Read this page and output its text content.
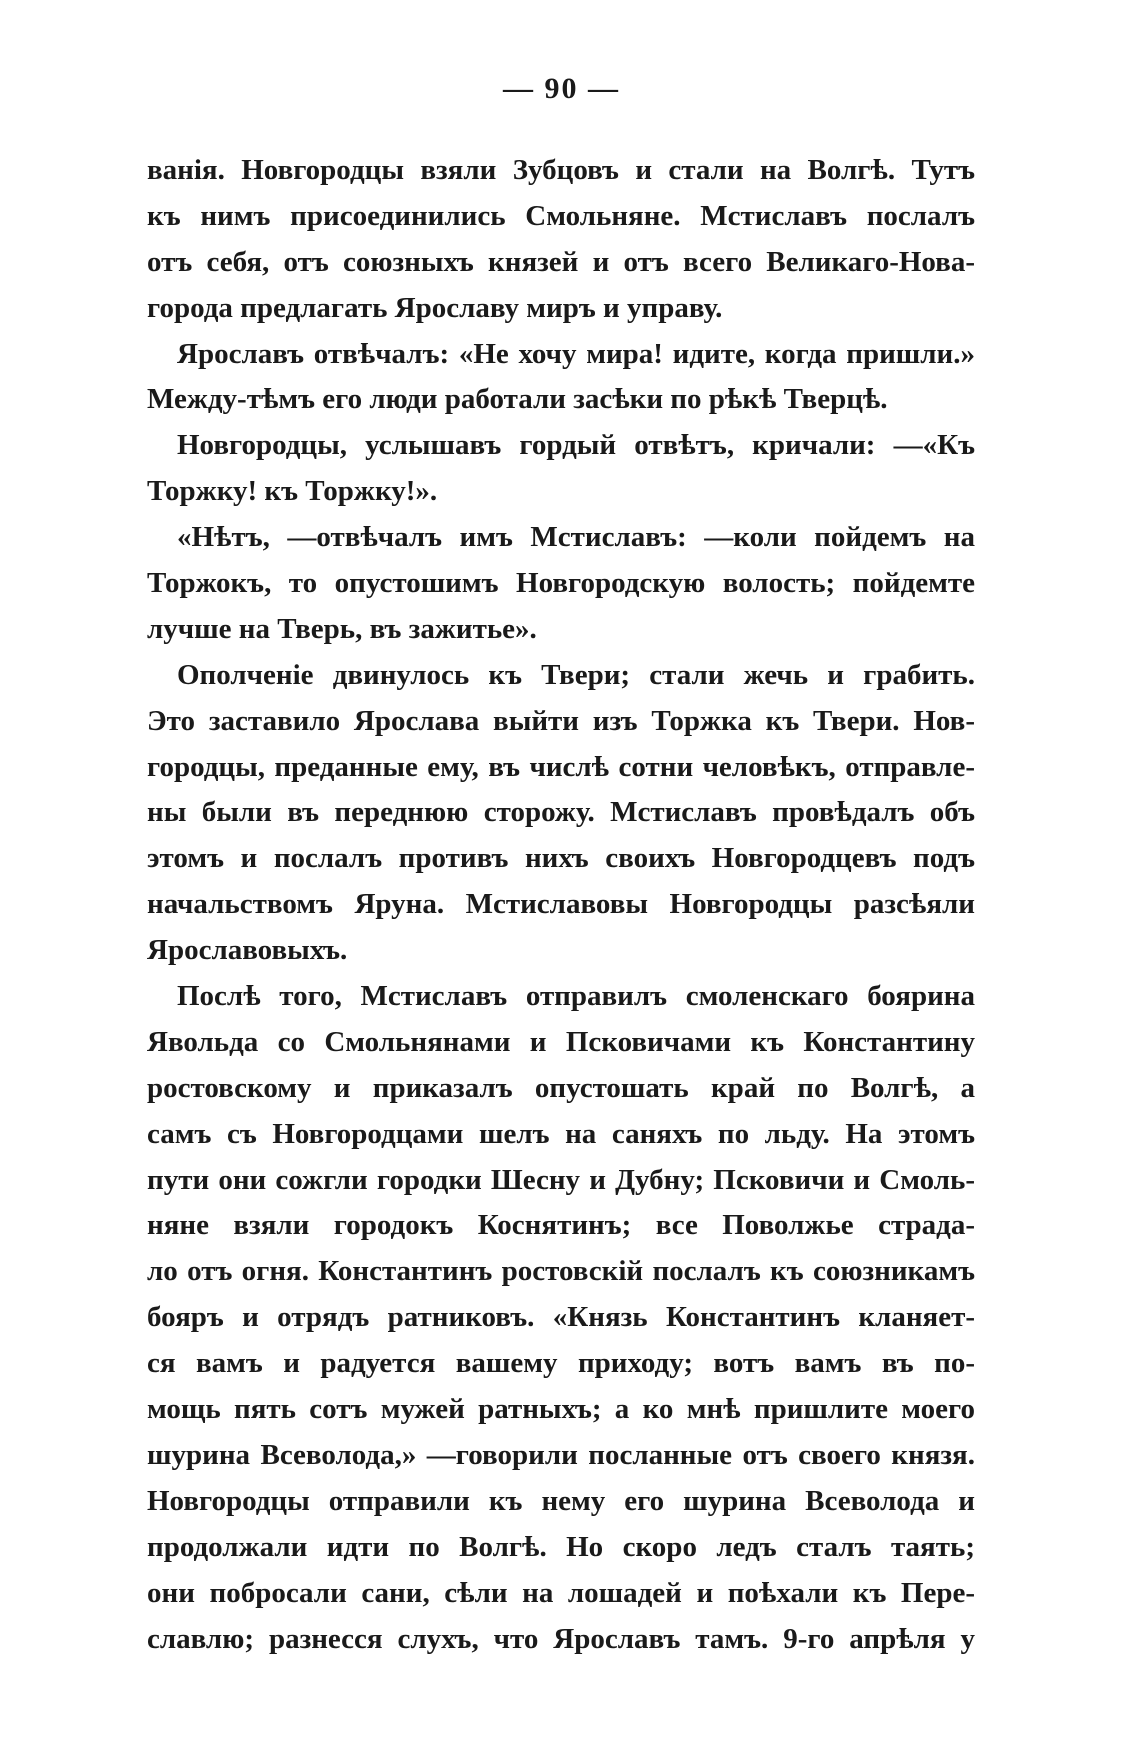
— 90 —
ванія. Новгородцы взяли Зубцовъ и стали на Волгѣ. Тутъ
къ нимъ присоединились Смольняне. Мстиславъ послалъ
отъ себя, отъ союзныхъ князей и отъ всего Великаго-Нова-
города предлагать Ярославу миръ и управу.
Ярославъ отвѣчалъ: «Не хочу мира! идите, когда пришли.»
Между-тѣмъ его люди работали засѣки по рѣкѣ Тверцѣ.
Новгородцы, услышавъ гордый отвѣтъ, кричали: —«Къ
Торжку! къ Торжку!».
«Нѣтъ, —отвѣчалъ имъ Мстиславъ: —коли пойдемъ на
Торжокъ, то опустошимъ Новгородскую волость; пойдемте
лучше на Тверь, въ зажитье».
Ополченіе двинулось къ Твери; стали жечь и грабить.
Это заставило Ярослава выйти изъ Торжка къ Твери. Нов-
городцы, преданные ему, въ числѣ сотни человѣкъ, отправле-
ны были въ переднюю сторожу. Мстиславъ провѣдалъ объ
этомъ и послалъ противъ нихъ своихъ Новгородцевъ подъ
начальствомъ Яруна. Мстиславовы Новгородцы разсѣяли
Ярославовыхъ.
Послѣ того, Мстиславъ отправилъ смоленскаго боярина
Явольда со Смольнянами и Псковичами къ Константину
ростовскому и приказалъ опустошать край по Волгѣ, а
самъ съ Новгородцами шелъ на саняхъ по льду. На этомъ
пути они сожгли городки Шесну и Дубну; Псковичи и Смоль-
няне взяли городокъ Коснятинъ; все Поволжье страда-
ло отъ огня. Константинъ ростовскій послалъ къ союзникамъ
бояръ и отрядъ ратниковъ. «Князь Константинъ кланяет-
ся вамъ и радуется вашему приходу; вотъ вамъ въ по-
мощь пять сотъ мужей ратныхъ; а ко мнѣ пришлите моего
шурина Всеволода,» —говорили посланные отъ своего князя.
Новгородцы отправили къ нему его шурина Всеволода и
продолжали идти по Волгѣ. Но скоро ледъ сталъ таять;
они побросали сани, сѣли на лошадей и поѣхали къ Пере-
славлю; разнесся слухъ, что Ярославъ тамъ. 9-го апрѣля у
